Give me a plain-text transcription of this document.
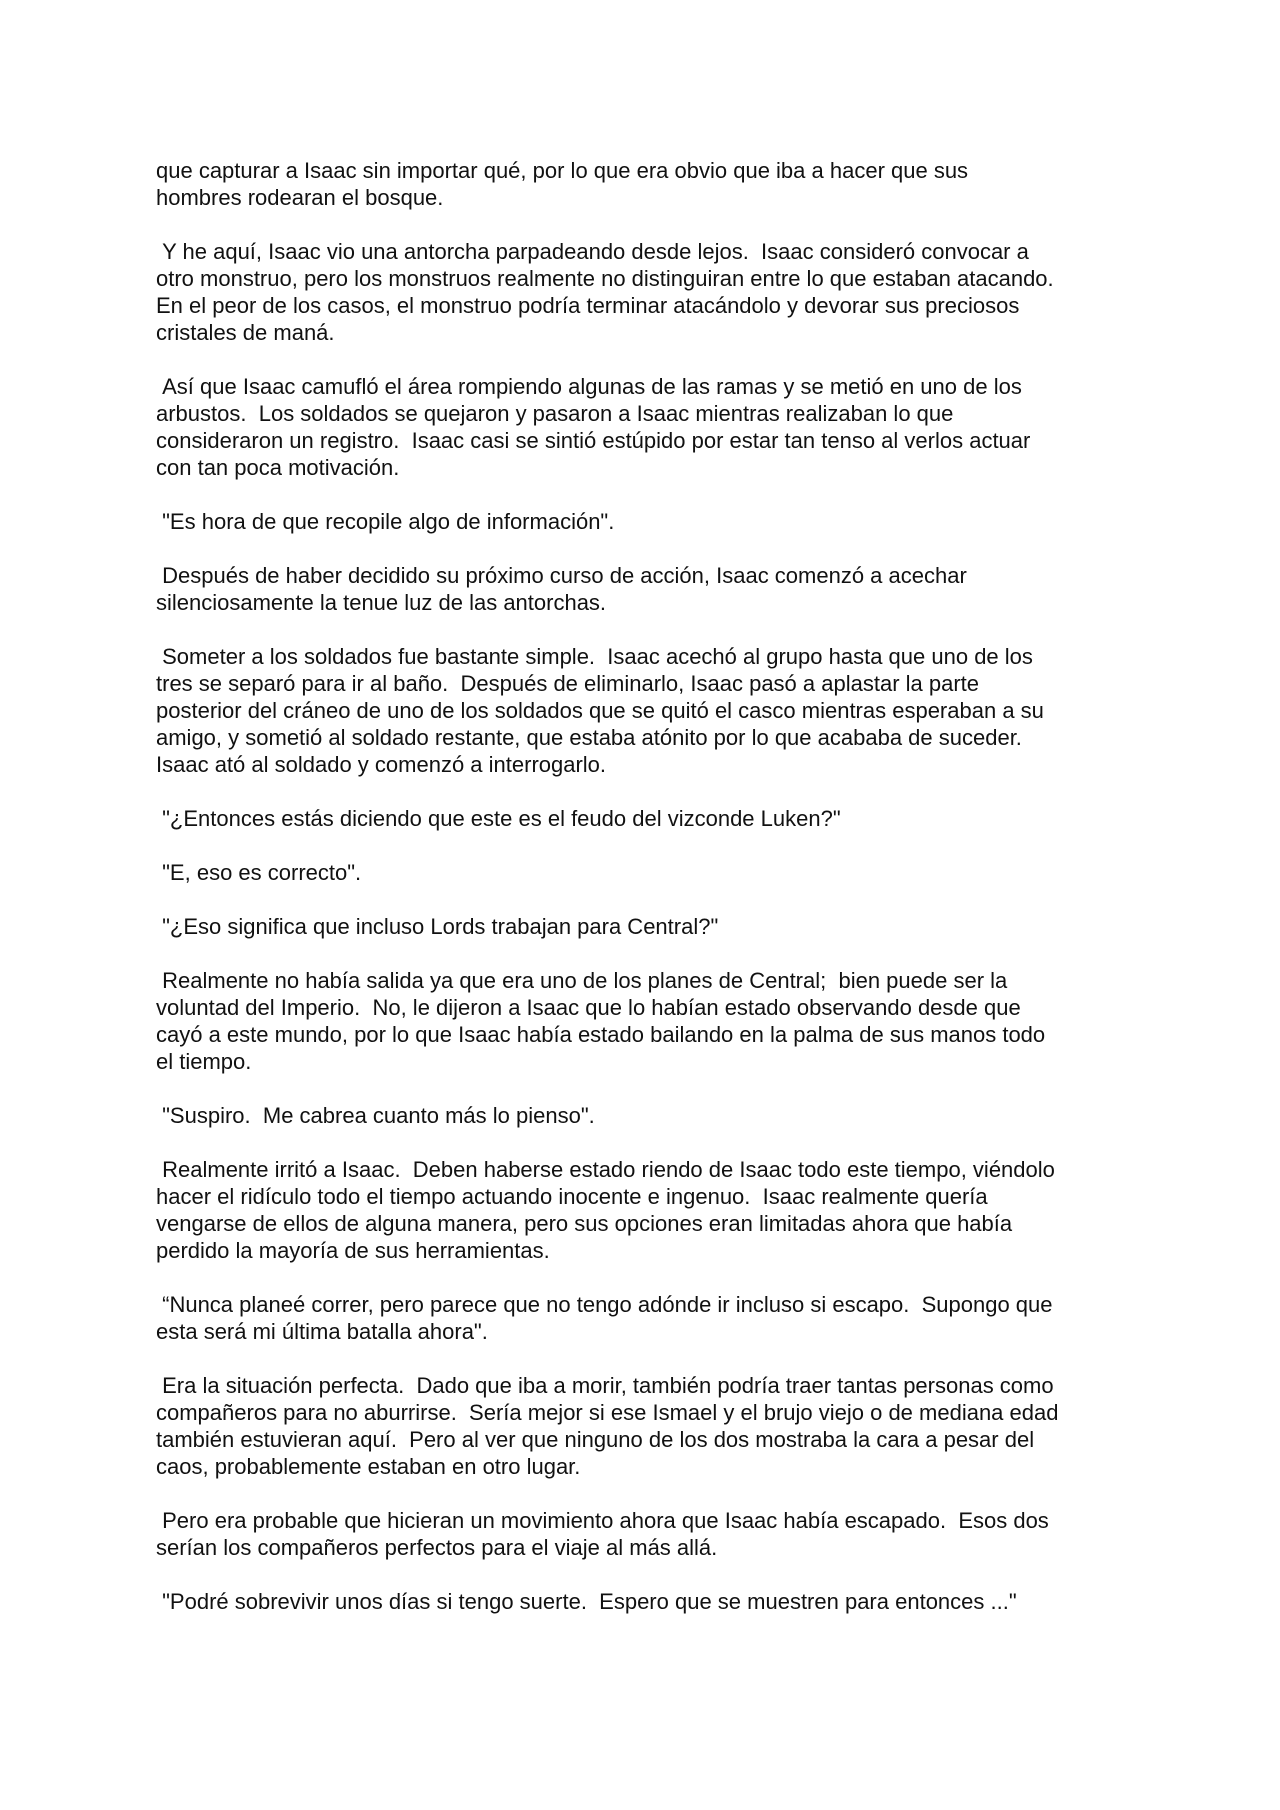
que capturar a Isaac sin importar qué, por lo que era obvio que iba a hacer que sus
hombres rodearan el bosque.

Y he aquí, Isaac vio una antorcha parpadeando desde lejos.  Isaac consideró convocar a
otro monstruo, pero los monstruos realmente no distinguiran entre lo que estaban atacando.
En el peor de los casos, el monstruo podría terminar atacándolo y devorar sus preciosos
cristales de maná.

Así que Isaac camufló el área rompiendo algunas de las ramas y se metió en uno de los
arbustos.  Los soldados se quejaron y pasaron a Isaac mientras realizaban lo que
consideraron un registro.  Isaac casi se sintió estúpido por estar tan tenso al verlos actuar
con tan poca motivación.

"Es hora de que recopile algo de información".

Después de haber decidido su próximo curso de acción, Isaac comenzó a acechar
silenciosamente la tenue luz de las antorchas.

Someter a los soldados fue bastante simple.  Isaac acechó al grupo hasta que uno de los
tres se separó para ir al baño.  Después de eliminarlo, Isaac pasó a aplastar la parte
posterior del cráneo de uno de los soldados que se quitó el casco mientras esperaban a su
amigo, y sometió al soldado restante, que estaba atónito por lo que acababa de suceder.
Isaac ató al soldado y comenzó a interrogarlo.

"¿Entonces estás diciendo que este es el feudo del vizconde Luken?"

"E, eso es correcto".

"¿Eso significa que incluso Lords trabajan para Central?"

Realmente no había salida ya que era uno de los planes de Central;  bien puede ser la
voluntad del Imperio.  No, le dijeron a Isaac que lo habían estado observando desde que
cayó a este mundo, por lo que Isaac había estado bailando en la palma de sus manos todo
el tiempo.

"Suspiro.  Me cabrea cuanto más lo pienso".

Realmente irritó a Isaac.  Deben haberse estado riendo de Isaac todo este tiempo, viéndolo
hacer el ridículo todo el tiempo actuando inocente e ingenuo.  Isaac realmente quería
vengarse de ellos de alguna manera, pero sus opciones eran limitadas ahora que había
perdido la mayoría de sus herramientas.

“Nunca planeé correr, pero parece que no tengo adónde ir incluso si escapo.  Supongo que
esta será mi última batalla ahora".

Era la situación perfecta.  Dado que iba a morir, también podría traer tantas personas como
compañeros para no aburrirse.  Sería mejor si ese Ismael y el brujo viejo o de mediana edad
también estuvieran aquí.  Pero al ver que ninguno de los dos mostraba la cara a pesar del
caos, probablemente estaban en otro lugar.

Pero era probable que hicieran un movimiento ahora que Isaac había escapado.  Esos dos
serían los compañeros perfectos para el viaje al más allá.

"Podré sobrevivir unos días si tengo suerte.  Espero que se muestren para entonces ..."
